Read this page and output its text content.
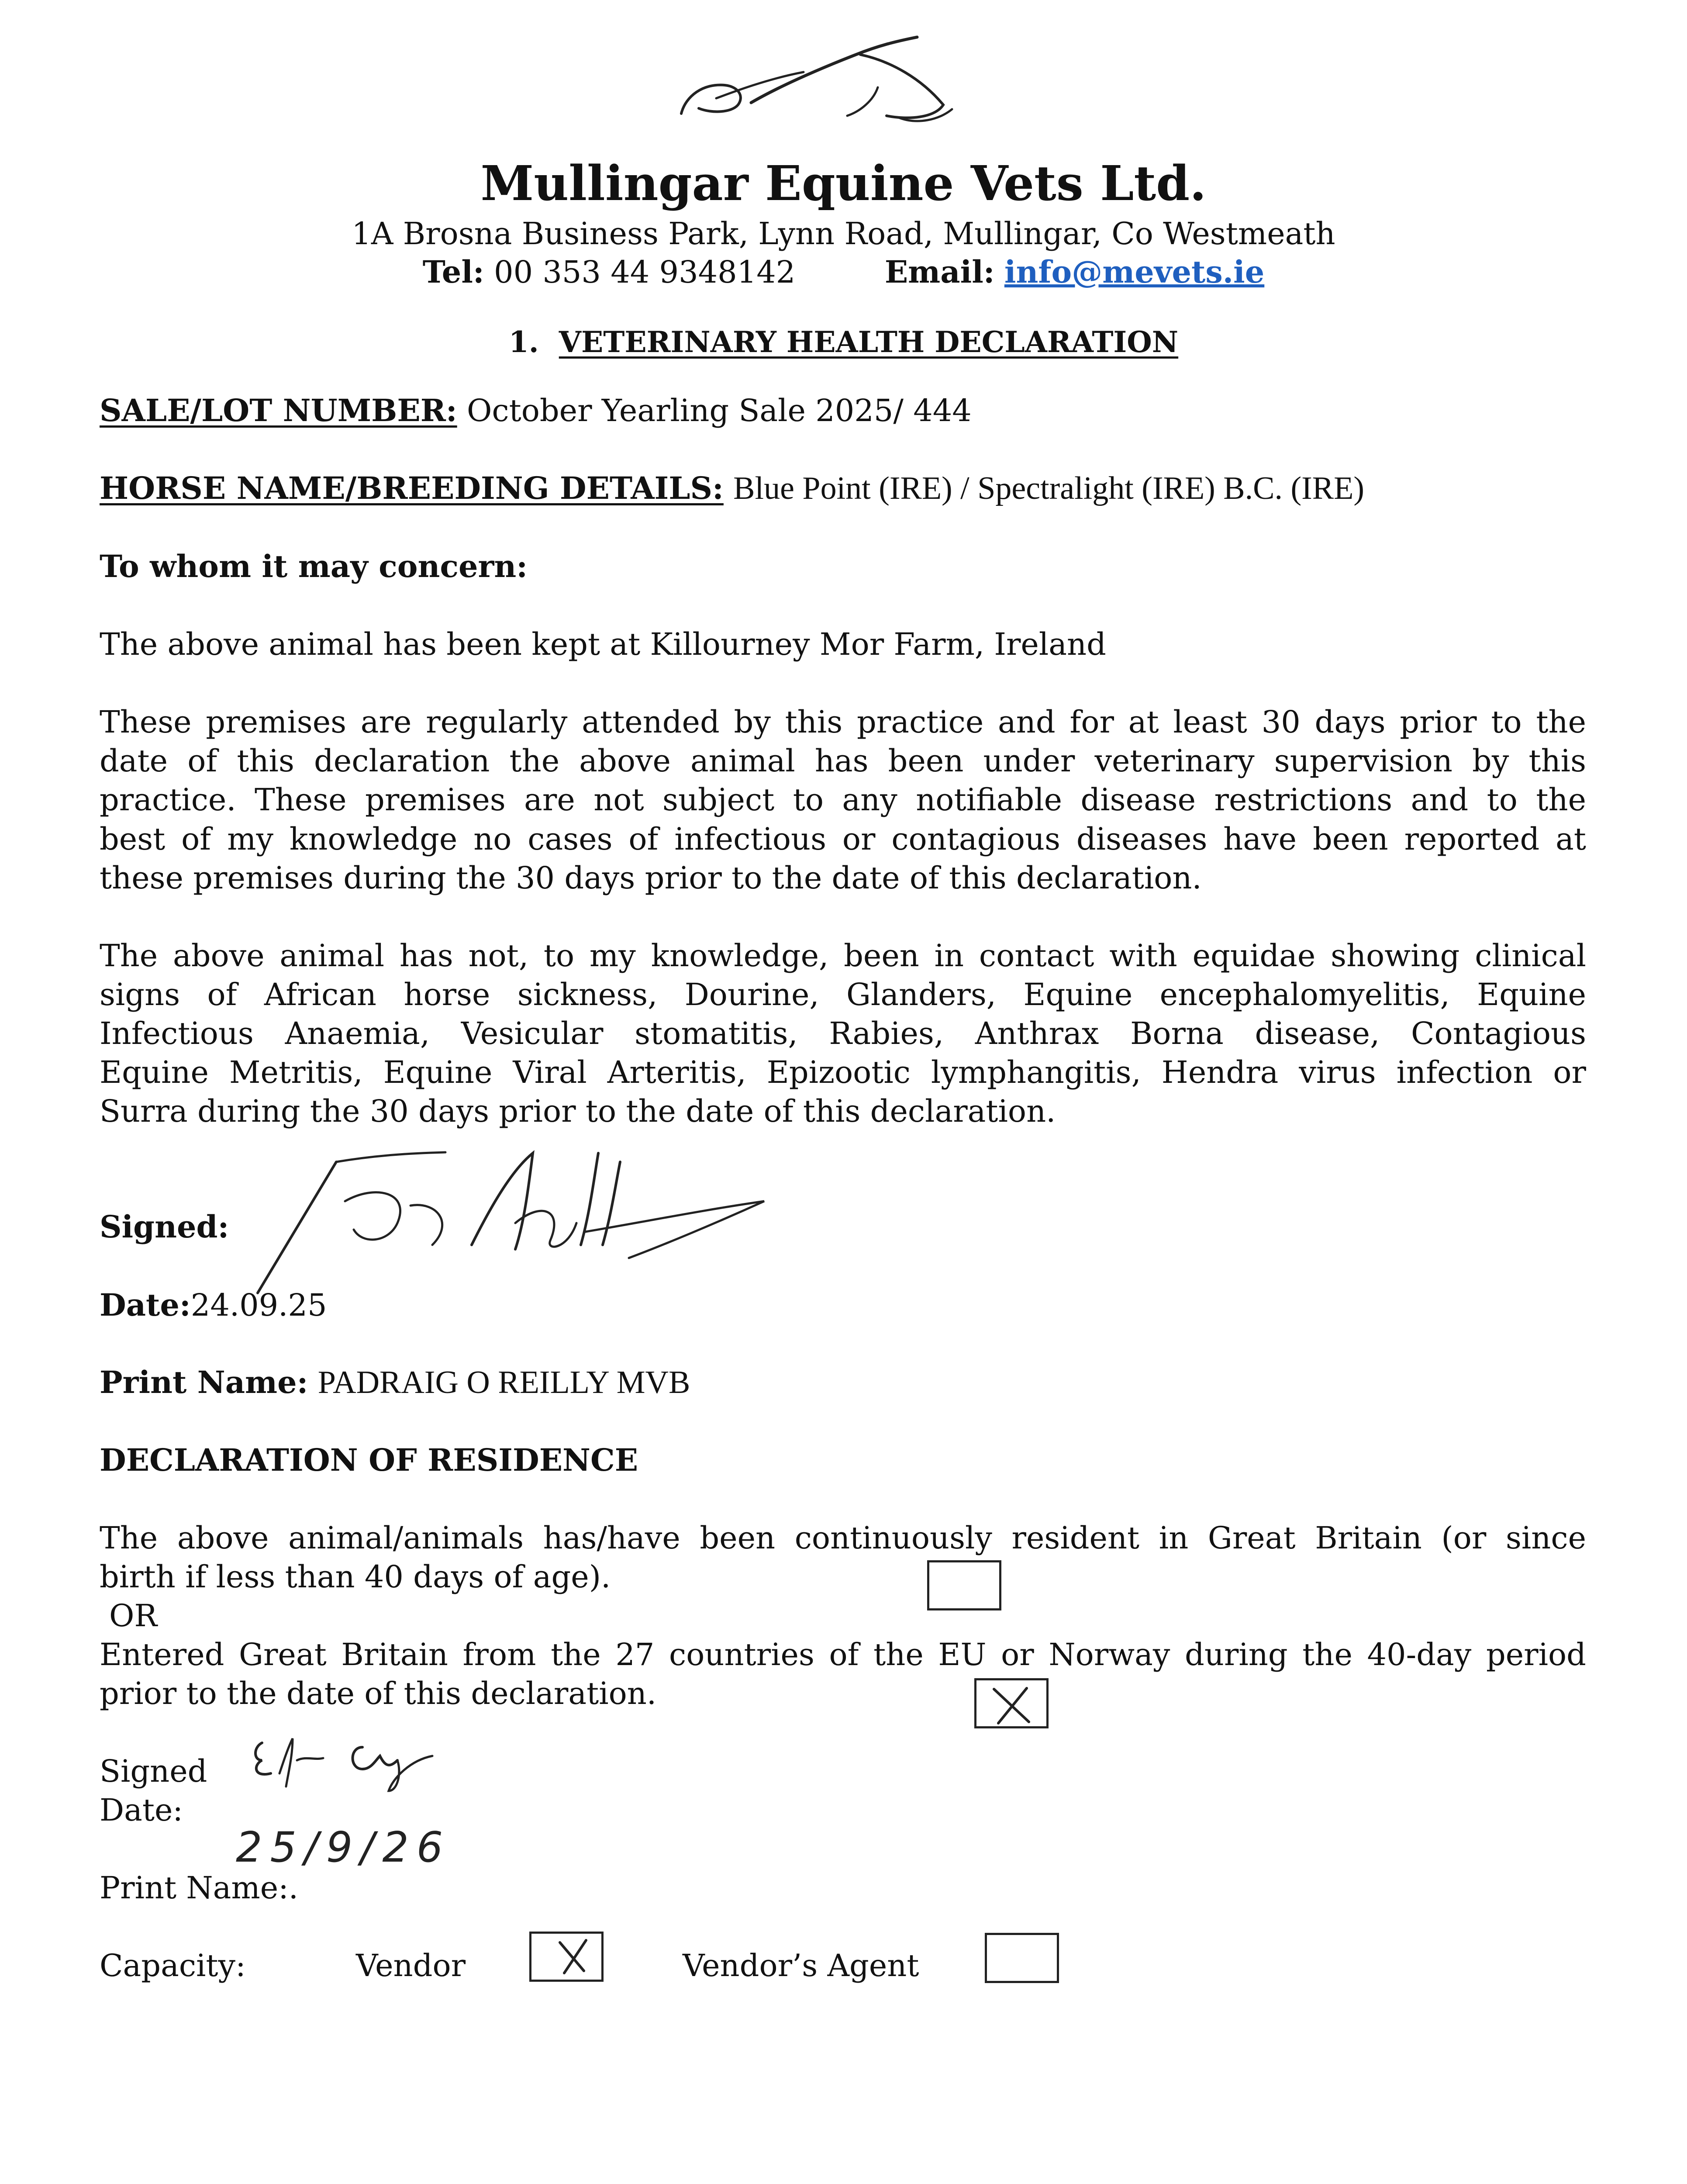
Mullingar Equine Vets Ltd.
1A Brosna Business Park, Lynn Road, Mullingar, Co Westmeath
Tel: 00 353 44 9348142	Email: info@mevets.ie
1. VETERINARY HEALTH DECLARATION
SALE/LOT NUMBER: October Yearling Sale 2025/ 444
HORSE NAME/BREEDING DETAILS: Blue Point (IRE) / Spectralight (IRE) B.C. (IRE)
To whom it may concern:
The above animal has been kept at Killourney Mor Farm, Ireland
These premises are regularly attended by this practice and for at least 30 days prior to the
date of this declaration the above animal has been under veterinary supervision by this
practice. These premises are not subject to any notifiable disease restrictions and to the
best of my knowledge no cases of infectious or contagious diseases have been reported at
these premises during the 30 days prior to the date of this declaration.
The above animal has not, to my knowledge, been in contact with equidae showing clinical
signs of African horse sickness, Dourine, Glanders, Equine encephalomyelitis, Equine
Infectious Anaemia, Vesicular stomatitis, Rabies, Anthrax Borna disease, Contagious
Equine Metritis, Equine Viral Arteritis, Epizootic lymphangitis, Hendra virus infection or
Surra during the 30 days prior to the date of this declaration.
Signed:
Date:24.09.25
Print Name: PADRAIG O REILLY MVB
DECLARATION OF RESIDENCE
The above animal/animals has/have been continuously resident in Great Britain (or since
birth if less than 40 days of age).
OR
Entered Great Britain from the 27 countries of the EU or Norway during the 40-day period
prior to the date of this declaration.
Signed
Date:
25/9/26
Print Name:.
Capacity:	Vendor	Vendor’s Agent
